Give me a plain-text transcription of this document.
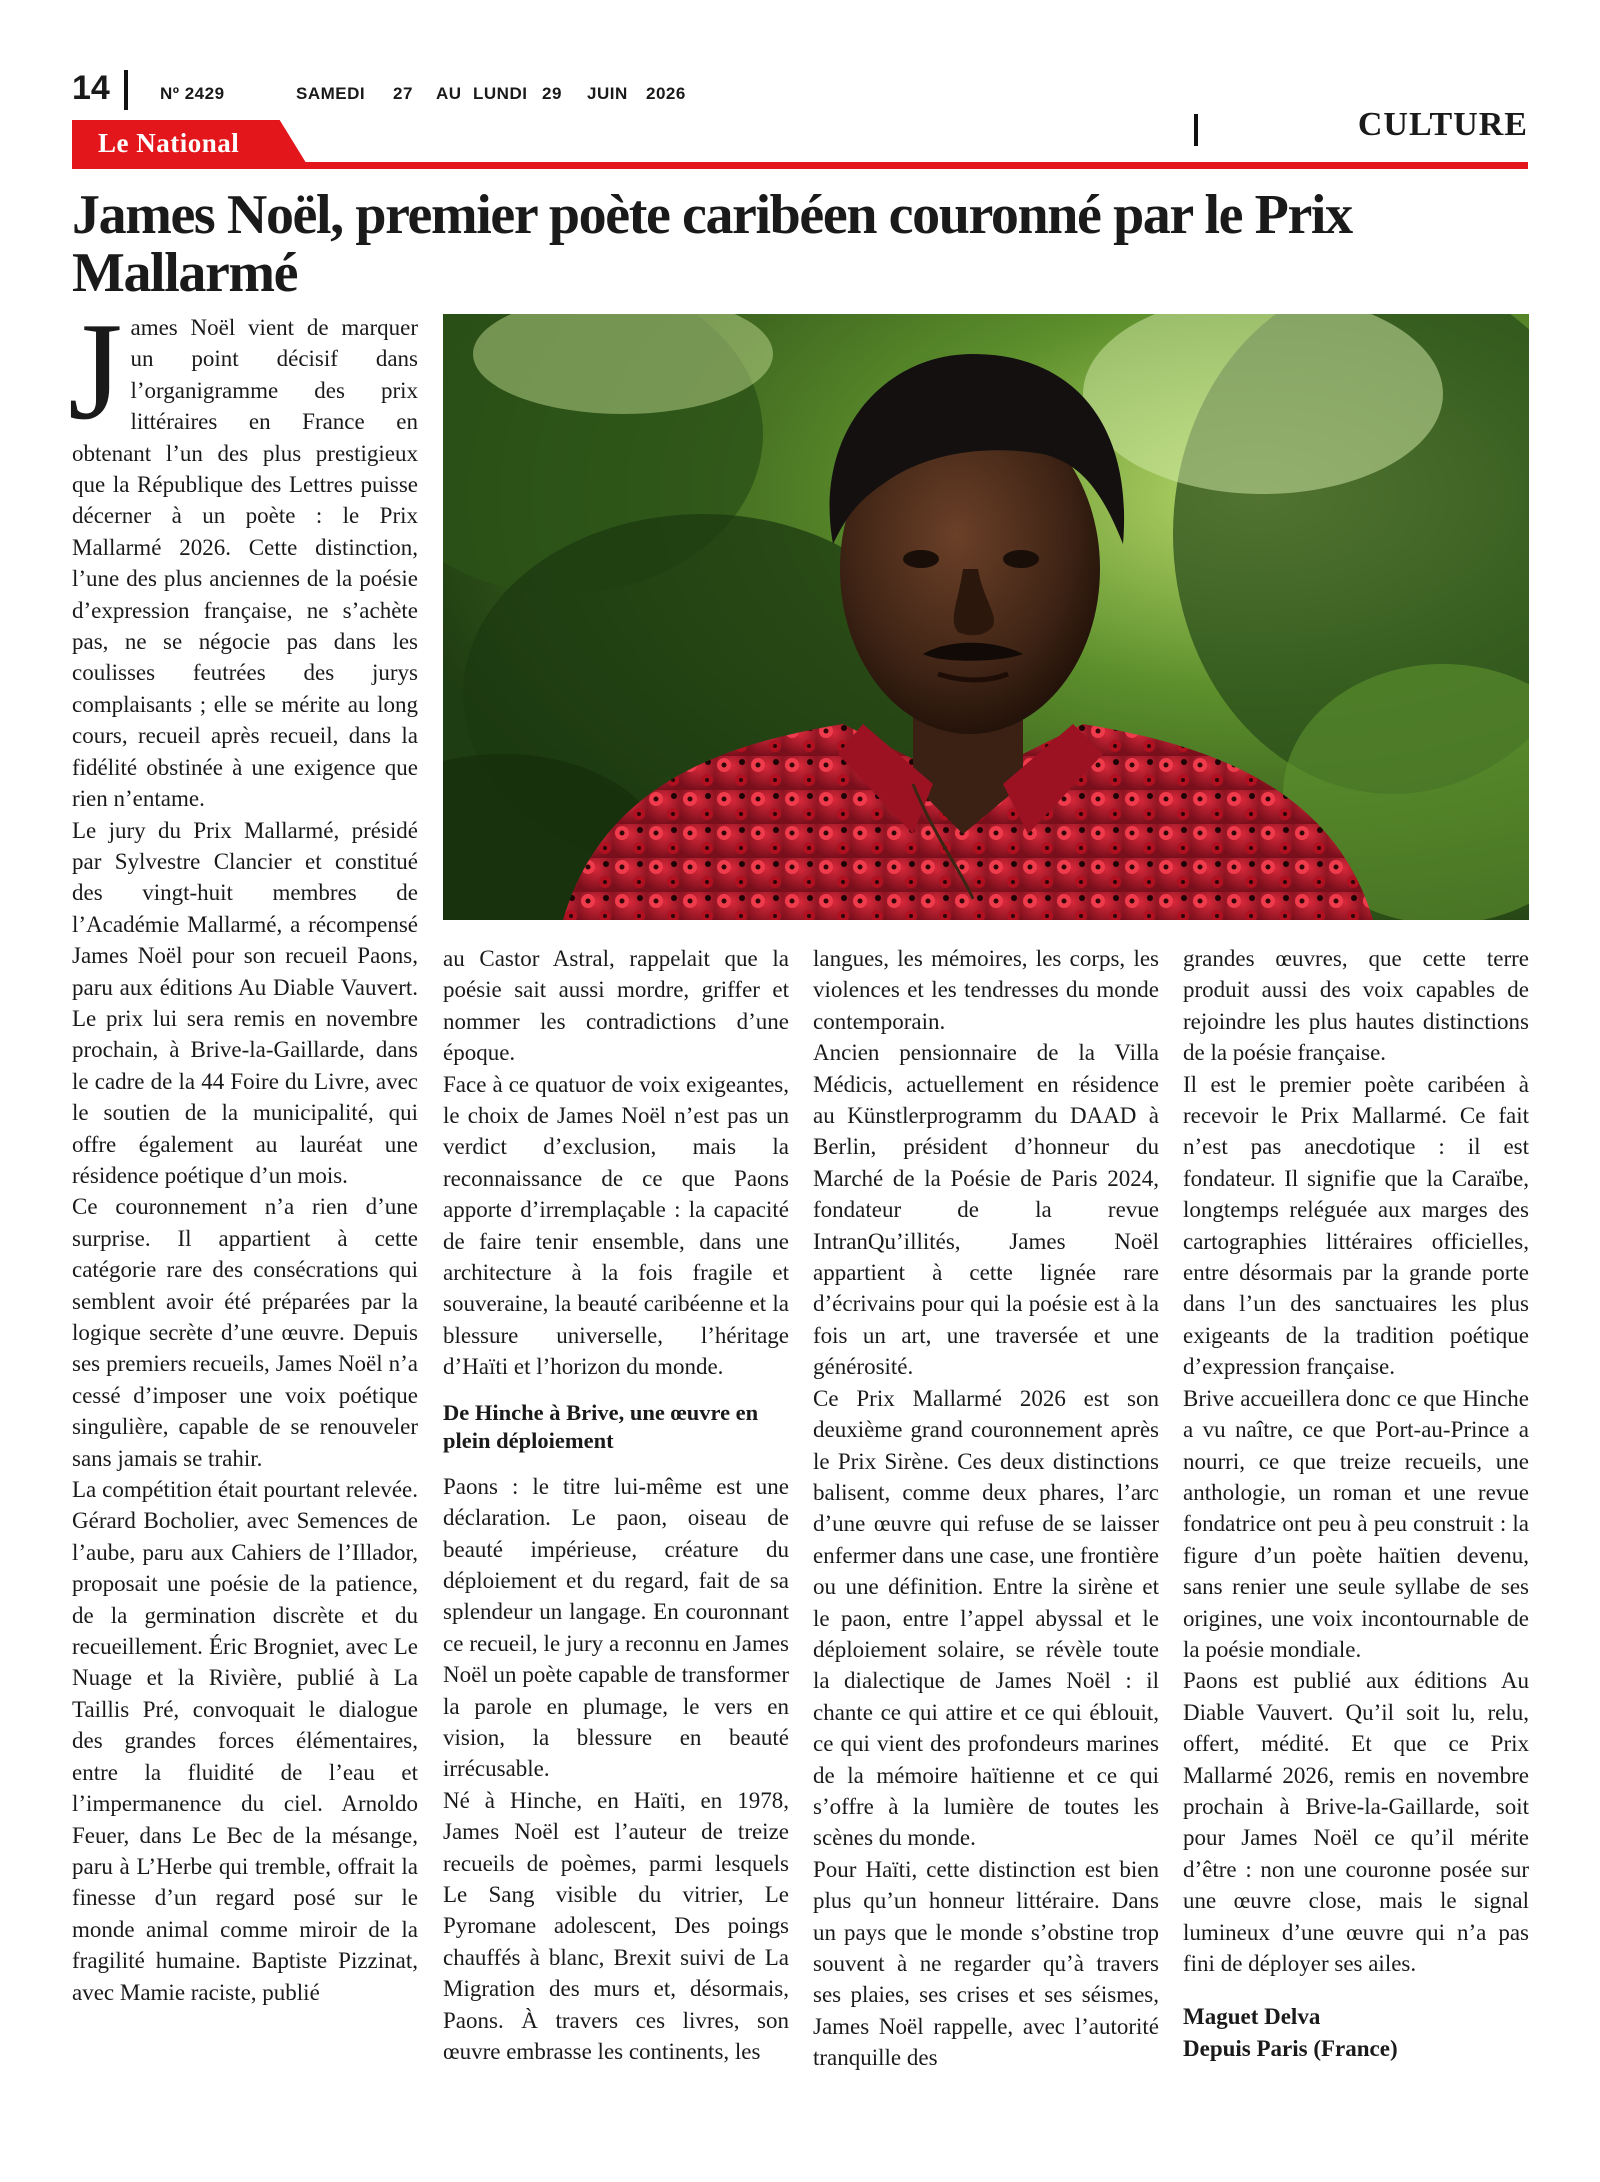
14	Nº 2429	SAMEDI 27 AU LUNDI 29 JUIN 2026
Le National	CULTURE
James Noël, premier poète caribéen couronné par le Prix Mallarmé

James Noël vient de marquer un point décisif dans l’organigramme des prix littéraires en France en obtenant l’un des plus prestigieux que la République des Lettres puisse décerner à un poète : le Prix Mallarmé 2026. Cette distinction, l’une des plus anciennes de la poésie d’expression française, ne s’achète pas, ne se négocie pas dans les coulisses feutrées des jurys complaisants ; elle se mérite au long cours, recueil après recueil, dans la fidélité obstinée à une exigence que rien n’entame.

Le jury du Prix Mallarmé, présidé par Sylvestre Clancier et constitué des vingt-huit membres de l’Académie Mallarmé, a récompensé James Noël pour son recueil Paons, paru aux éditions Au Diable Vauvert. Le prix lui sera remis en novembre prochain, à Brive-la-Gaillarde, dans le cadre de la 44 Foire du Livre, avec le soutien de la municipalité, qui offre également au lauréat une résidence poétique d’un mois.

Ce couronnement n’a rien d’une surprise. Il appartient à cette catégorie rare des consécrations qui semblent avoir été préparées par la logique secrète d’une œuvre. Depuis ses premiers recueils, James Noël n’a cessé d’imposer une voix poétique singulière, capable de se renouveler sans jamais se trahir.

La compétition était pourtant relevée. Gérard Bocholier, avec Semences de l’aube, paru aux Cahiers de l’Illador, proposait une poésie de la patience, de la germination discrète et du recueillement. Éric Brogniet, avec Le Nuage et la Rivière, publié à La Taillis Pré, convoquait le dialogue des grandes forces élémentaires, entre la fluidité de l’eau et l’impermanence du ciel. Arnoldo Feuer, dans Le Bec de la mésange, paru à L’Herbe qui tremble, offrait la finesse d’un regard posé sur le monde animal comme miroir de la fragilité humaine. Baptiste Pizzinat, avec Mamie raciste, publié

au Castor Astral, rappelait que la poésie sait aussi mordre, griffer et nommer les contradictions d’une époque.

Face à ce quatuor de voix exigeantes, le choix de James Noël n’est pas un verdict d’exclusion, mais la reconnaissance de ce que Paons apporte d’irremplaçable : la capacité de faire tenir ensemble, dans une architecture à la fois fragile et souveraine, la beauté caribéenne et la blessure universelle, l’héritage d’Haïti et l’horizon du monde.

De Hinche à Brive, une œuvre en plein déploiement

Paons : le titre lui-même est une déclaration. Le paon, oiseau de beauté impérieuse, créature du déploiement et du regard, fait de sa splendeur un langage. En couronnant ce recueil, le jury a reconnu en James Noël un poète capable de transformer la parole en plumage, le vers en vision, la blessure en beauté irrécusable.

Né à Hinche, en Haïti, en 1978, James Noël est l’auteur de treize recueils de poèmes, parmi lesquels Le Sang visible du vitrier, Le Pyromane adolescent, Des poings chauffés à blanc, Brexit suivi de La Migration des murs et, désormais, Paons. À travers ces livres, son œuvre embrasse les continents, les

langues, les mémoires, les corps, les violences et les tendresses du monde contemporain.

Ancien pensionnaire de la Villa Médicis, actuellement en résidence au Künstlerprogramm du DAAD à Berlin, président d’honneur du Marché de la Poésie de Paris 2024, fondateur de la revue IntranQu’illités, James Noël appartient à cette lignée rare d’écrivains pour qui la poésie est à la fois un art, une traversée et une générosité.

Ce Prix Mallarmé 2026 est son deuxième grand couronnement après le Prix Sirène. Ces deux distinctions balisent, comme deux phares, l’arc d’une œuvre qui refuse de se laisser enfermer dans une case, une frontière ou une définition. Entre la sirène et le paon, entre l’appel abyssal et le déploiement solaire, se révèle toute la dialectique de James Noël : il chante ce qui attire et ce qui éblouit, ce qui vient des profondeurs marines de la mémoire haïtienne et ce qui s’offre à la lumière de toutes les scènes du monde.

Pour Haïti, cette distinction est bien plus qu’un honneur littéraire. Dans un pays que le monde s’obstine trop souvent à ne regarder qu’à travers ses plaies, ses crises et ses séismes, James Noël rappelle, avec l’autorité tranquille des

grandes œuvres, que cette terre produit aussi des voix capables de rejoindre les plus hautes distinctions de la poésie française.

Il est le premier poète caribéen à recevoir le Prix Mallarmé. Ce fait n’est pas anecdotique : il est fondateur. Il signifie que la Caraïbe, longtemps reléguée aux marges des cartographies littéraires officielles, entre désormais par la grande porte dans l’un des sanctuaires les plus exigeants de la tradition poétique d’expression française.

Brive accueillera donc ce que Hinche a vu naître, ce que Port-au-Prince a nourri, ce que treize recueils, une anthologie, un roman et une revue fondatrice ont peu à peu construit : la figure d’un poète haïtien devenu, sans renier une seule syllabe de ses origines, une voix incontournable de la poésie mondiale.

Paons est publié aux éditions Au Diable Vauvert. Qu’il soit lu, relu, offert, médité. Et que ce Prix Mallarmé 2026, remis en novembre prochain à Brive-la-Gaillarde, soit pour James Noël ce qu’il mérite d’être : non une couronne posée sur une œuvre close, mais le signal lumineux d’une œuvre qui n’a pas fini de déployer ses ailes.

Maguet Delva

Depuis Paris (France)
